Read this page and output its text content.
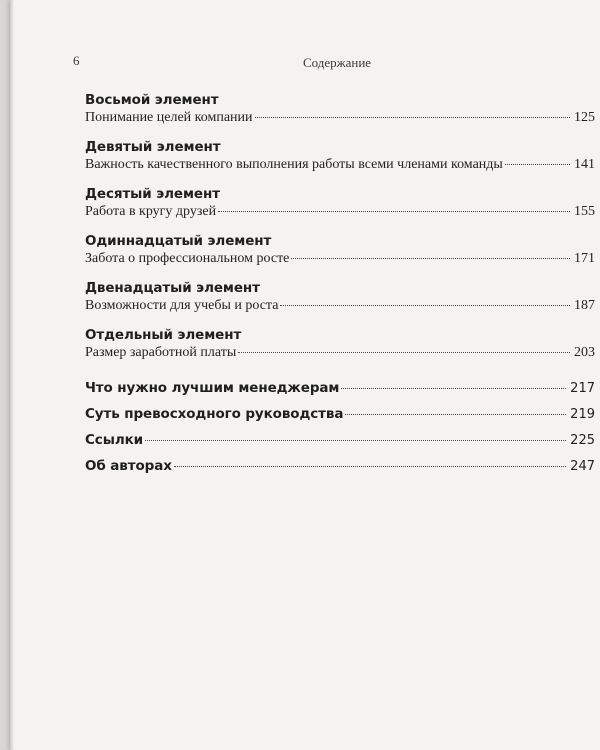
6	Содержание
Восьмой элемент
Понимание целей компании	125
Девятый элемент
Важность качественного выполнения работы всеми членами команды	141
Десятый элемент
Работа в кругу друзей	155
Одиннадцатый элемент
Забота о профессиональном росте	171
Двенадцатый элемент
Возможности для учебы и роста	187
Отдельный элемент
Размер заработной платы	203
Что нужно лучшим менеджерам	217
Суть превосходного руководства	219
Ссылки	225
Об авторах	247
